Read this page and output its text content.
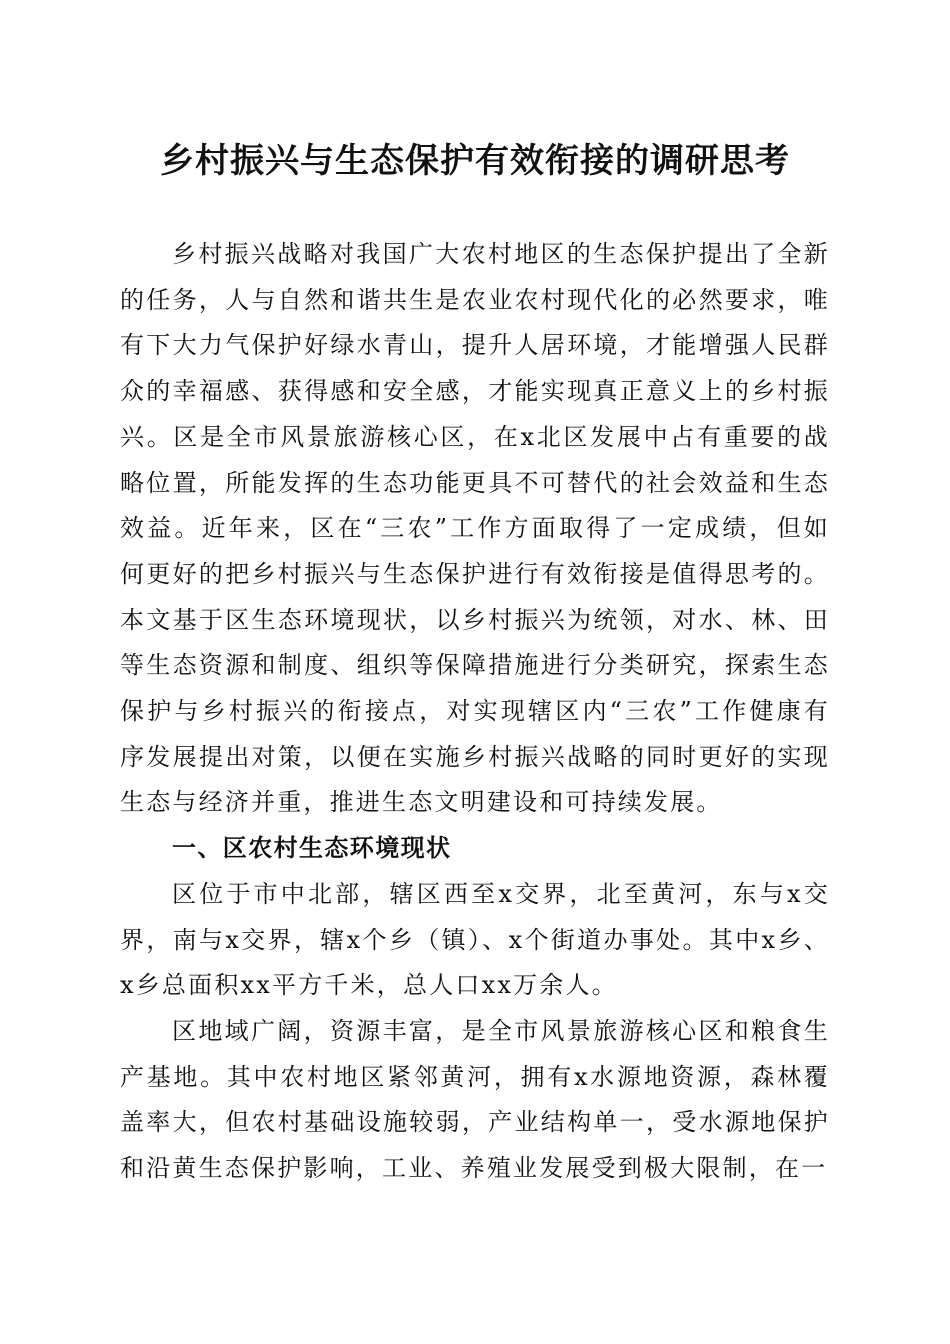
乡村振兴与生态保护有效衔接的调研思考

乡村振兴战略对我国广大农村地区的生态保护提出了全新的任务，人与自然和谐共生是农业农村现代化的必然要求，唯有下大力气保护好绿水青山，提升人居环境，才能增强人民群众的幸福感、获得感和安全感，才能实现真正意义上的乡村振兴。区是全市风景旅游核心区，在x北区发展中占有重要的战略位置，所能发挥的生态功能更具不可替代的社会效益和生态效益。近年来，区在“三农”工作方面取得了一定成绩，但如何更好的把乡村振兴与生态保护进行有效衔接是值得思考的。本文基于区生态环境现状，以乡村振兴为统领，对水、林、田等生态资源和制度、组织等保障措施进行分类研究，探索生态保护与乡村振兴的衔接点，对实现辖区内“三农”工作健康有序发展提出对策，以便在实施乡村振兴战略的同时更好的实现生态与经济并重，推进生态文明建设和可持续发展。

一、区农村生态环境现状

区位于市中北部，辖区西至x交界，北至黄河，东与x交界，南与x交界，辖x个乡（镇）、x个街道办事处。其中x乡、x乡总面积xx平方千米，总人口xx万余人。

区地域广阔，资源丰富，是全市风景旅游核心区和粮食生产基地。其中农村地区紧邻黄河，拥有x水源地资源，森林覆盖率大，但农村基础设施较弱，产业结构单一，受水源地保护和沿黄生态保护影响，工业、养殖业发展受到极大限制，在一
